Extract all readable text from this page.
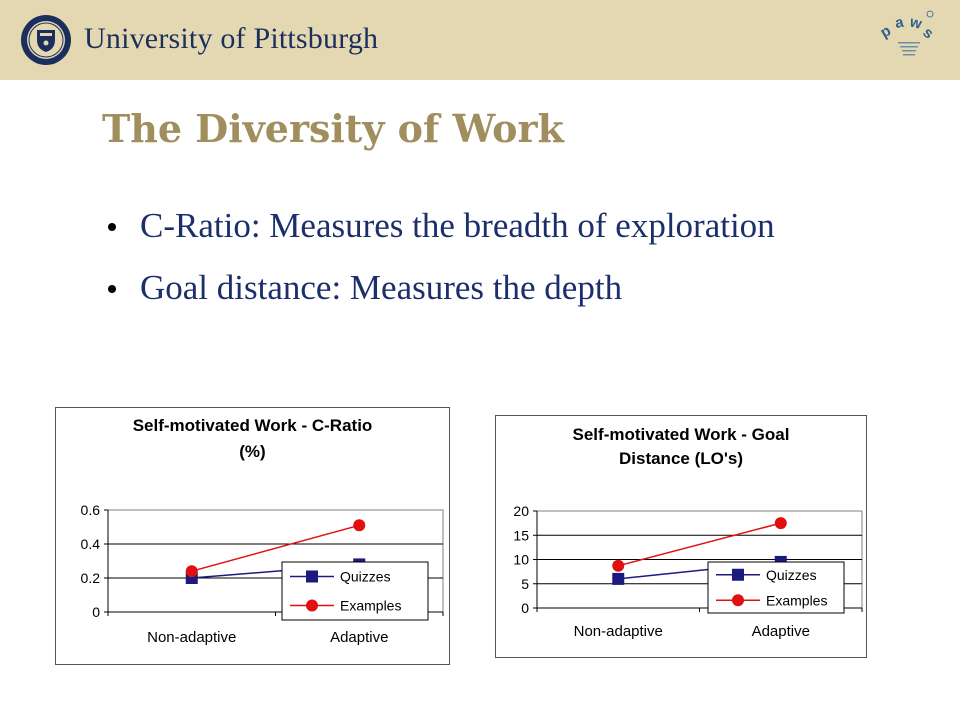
University of Pittsburgh	p a w
s
The Diversity of Work
C-Ratio: Measures the breadth of exploration
Goal distance: Measures the depth
Self-motivated Work - C-Ratio
(%)
0
0.2
0.4
0.6
Non-adaptive	Adaptive
Quizzes
Examples
Self-motivated Work - Goal
Distance (LO's)
0
5
10
15
20
Non-adaptive	Adaptive
Quizzes
Examples
